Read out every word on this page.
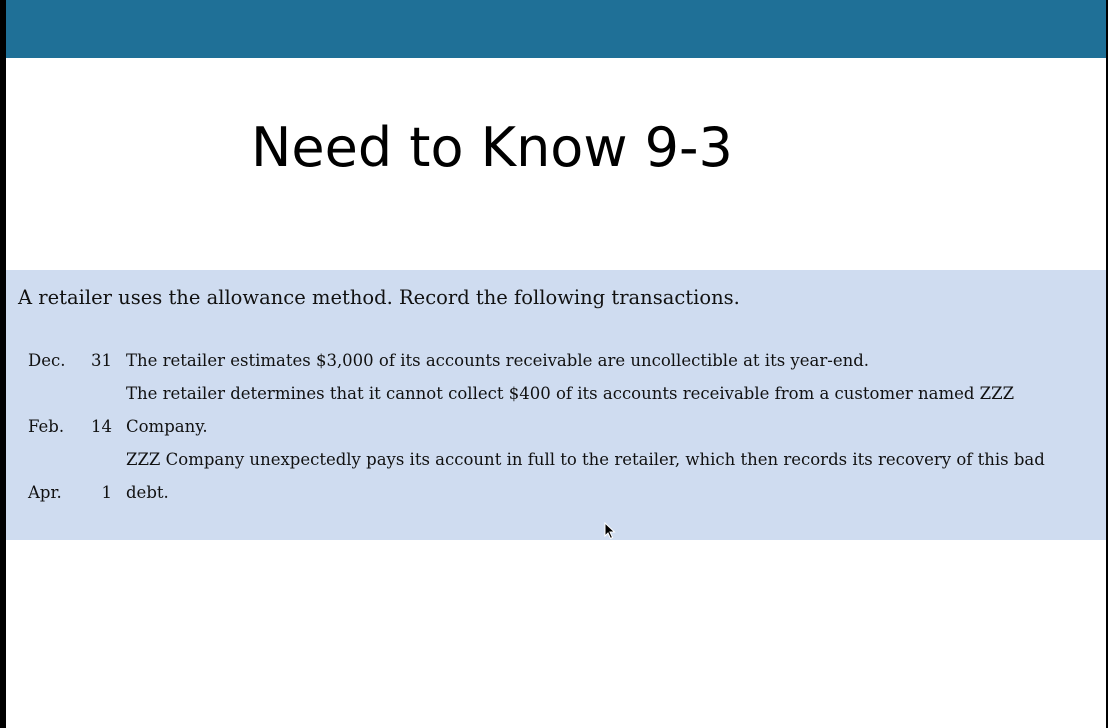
Need to Know 9-3

A retailer uses the allowance method. Record the following transactions.

Dec.	31	The retailer estimates $3,000 of its accounts receivable are uncollectible at its year-end.
Feb.	14	The retailer determines that it cannot collect $400 of its accounts receivable from a customer named ZZZ Company.
Apr.	1	ZZZ Company unexpectedly pays its account in full to the retailer, which then records its recovery of this bad debt.
